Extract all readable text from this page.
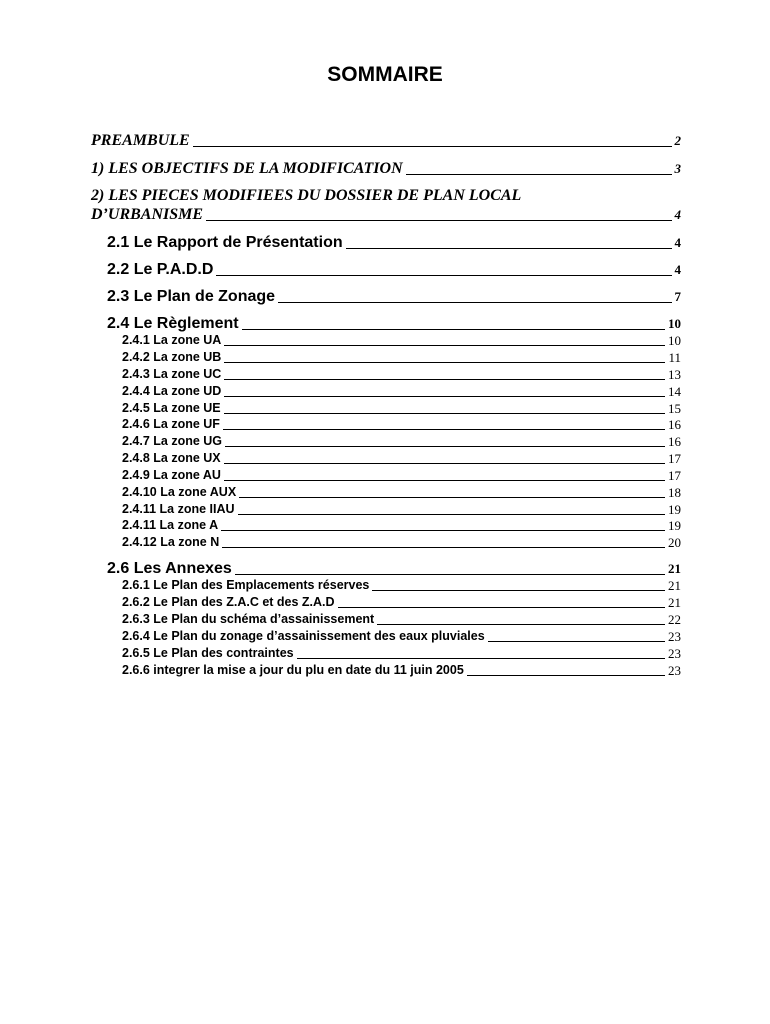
SOMMAIRE
PREAMBULE	2
1) LES OBJECTIFS DE LA MODIFICATION	3
2) LES PIECES MODIFIEES DU DOSSIER DE PLAN LOCAL
D’URBANISME	4
2.1 Le Rapport de Présentation	4
2.2 Le P.A.D.D	4
2.3 Le Plan de Zonage	7
2.4 Le Règlement	10
2.4.1 La zone UA	10
2.4.2 La zone UB	11
2.4.3 La zone UC	13
2.4.4 La zone UD	14
2.4.5 La zone UE	15
2.4.6 La zone UF	16
2.4.7 La zone UG	16
2.4.8 La zone UX	17
2.4.9 La zone AU	17
2.4.10 La zone AUX	18
2.4.11 La zone IIAU	19
2.4.11 La zone A	19
2.4.12 La zone N	20
2.6 Les Annexes	21
2.6.1 Le Plan des Emplacements réserves	21
2.6.2 Le Plan des Z.A.C et des Z.A.D	21
2.6.3 Le Plan du schéma d’assainissement	22
2.6.4 Le Plan du zonage d’assainissement des eaux pluviales	23
2.6.5 Le Plan des contraintes	23
2.6.6 integrer la mise a jour du plu en date du 11 juin 2005	23
